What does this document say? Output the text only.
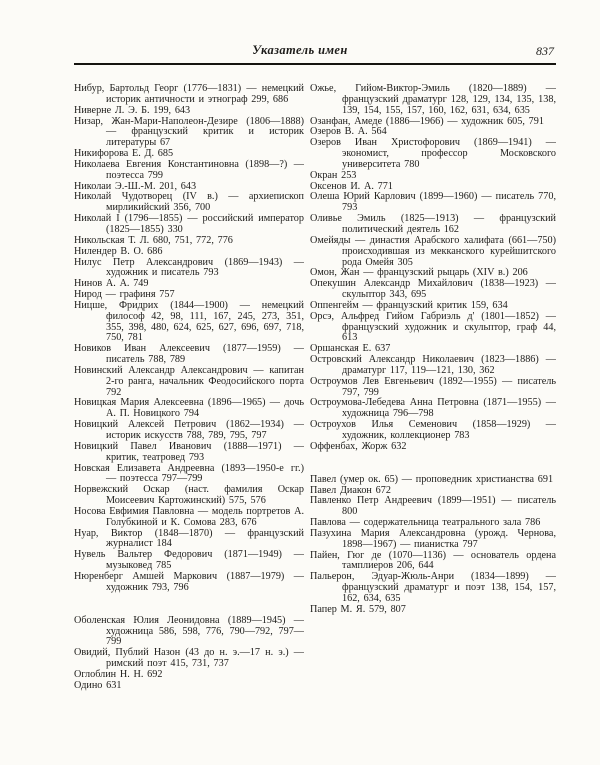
Указатель имен	837

Нибур, Бартольд Георг (1776—1831) — немецкий историк античности и этнограф 299, 686

Ниверне Л. Э. Б. 199, 643

Низар, Жан-Мари-Наполеон-Дезире (1806—1888) — французский критик и историк литературы 67

Никифорова Е. Д. 685

Николаева Евгения Константиновна (1898—?) — поэтесса 799

Николаи Э.-Ш.-М. 201, 643

Николай Чудотворец (IV в.) — архиепископ мирликийский 356, 700

Николай I (1796—1855) — российский император (1825—1855) 330

Никольская Т. Л. 680, 751, 772, 776

Нилендер В. О. 686

Нилус Петр Александрович (1869—1943) — художник и писатель 793

Нинов А. А. 749

Нирод — графиня 757

Ницше, Фридрих (1844—1900) — немецкий философ 42, 98, 111, 167, 245, 273, 351, 355, 398, 480, 624, 625, 627, 696, 697, 718, 750, 781

Новиков Иван Алексеевич (1877—1959) — писатель 788, 789

Новинский Александр Александрович — капитан 2-го ранга, начальник Феодосийского порта 792

Новицкая Мария Алексеевна (1896—1965) — дочь А. П. Новицкого 794

Новицкий Алексей Петрович (1862—1934) — историк искусств 788, 789, 795, 797

Новицкий Павел Иванович (1888—1971) — критик, театровед 793

Новская Елизавета Андреевна (1893—1950-е гг.) — поэтесса 797—799

Норвежский Оскар (наст. фамилия Оскар Моисеевич Картожинский) 575, 576

Носова Евфимия Павловна — модель портретов А. Голубкиной и К. Сомова 283, 676

Нуар, Виктор (1848—1870) — французский журналист 184

Нувель Вальтер Федорович (1871—1949) — музыковед 785

Нюренберг Амшей Маркович (1887—1979) — художник 793, 796

Оболенская Юлия Леонидовна (1889—1945) — художница 586, 598, 776, 790—792, 797—799

Овидий, Публий Назон (43 до н. э.—17 н. э.) — римский поэт 415, 731, 737

Оглоблин Н. Н. 692

Одино 631

Ожье, Гийом-Виктор-Эмиль (1820—1889) — французский драматург 128, 129, 134, 135, 138, 139, 154, 155, 157, 160, 162, 631, 634, 635

Озанфан, Амеде (1886—1966) — художник 605, 791

Озеров В. А. 564

Озеров Иван Христофорович (1869—1941) — экономист, профессор Московского университета 780

Окран 253

Оксенов И. А. 771

Олеша Юрий Карлович (1899—1960) — писатель 770, 793

Оливье Эмиль (1825—1913) — французский политический деятель 162

Омейяды — династия Арабского халифата (661—750) происходившая из мекканского курейшитского рода Омейя 305

Омон, Жан — французский рыцарь (XIV в.) 206

Опекушин Александр Михайлович (1838—1923) — скульптор 343, 695

Оппенгейм — французский критик 159, 634

Орсэ, Альфред Гийом Габриэль д' (1801—1852) — французский художник и скульптор, граф 44, 613

Оршанская Е. 637

Островский Александр Николаевич (1823—1886) — драматург 117, 119—121, 130, 362

Остроумов Лев Евгеньевич (1892—1955) — писатель 797, 799

Остроумова-Лебедева Анна Петровна (1871—1955) — художница 796—798

Остроухов Илья Семенович (1858—1929) — художник, коллекционер 783

Оффенбах, Жорж 632

Павел (умер ок. 65) — проповедник христианства 691

Павел Диакон 672

Павленко Петр Андреевич (1899—1951) — писатель 800

Павлова — содержательница театрального зала 786

Пазухина Мария Александровна (урожд. Чернова, 1898—1967) — пианистка 797

Пайен, Гюг де (1070—1136) — основатель ордена тамплиеров 206, 644

Пальерон, Эдуар-Жюль-Анри (1834—1899) — французский драматург и поэт 138, 154, 157, 162, 634, 635

Папер М. Я. 579, 807
